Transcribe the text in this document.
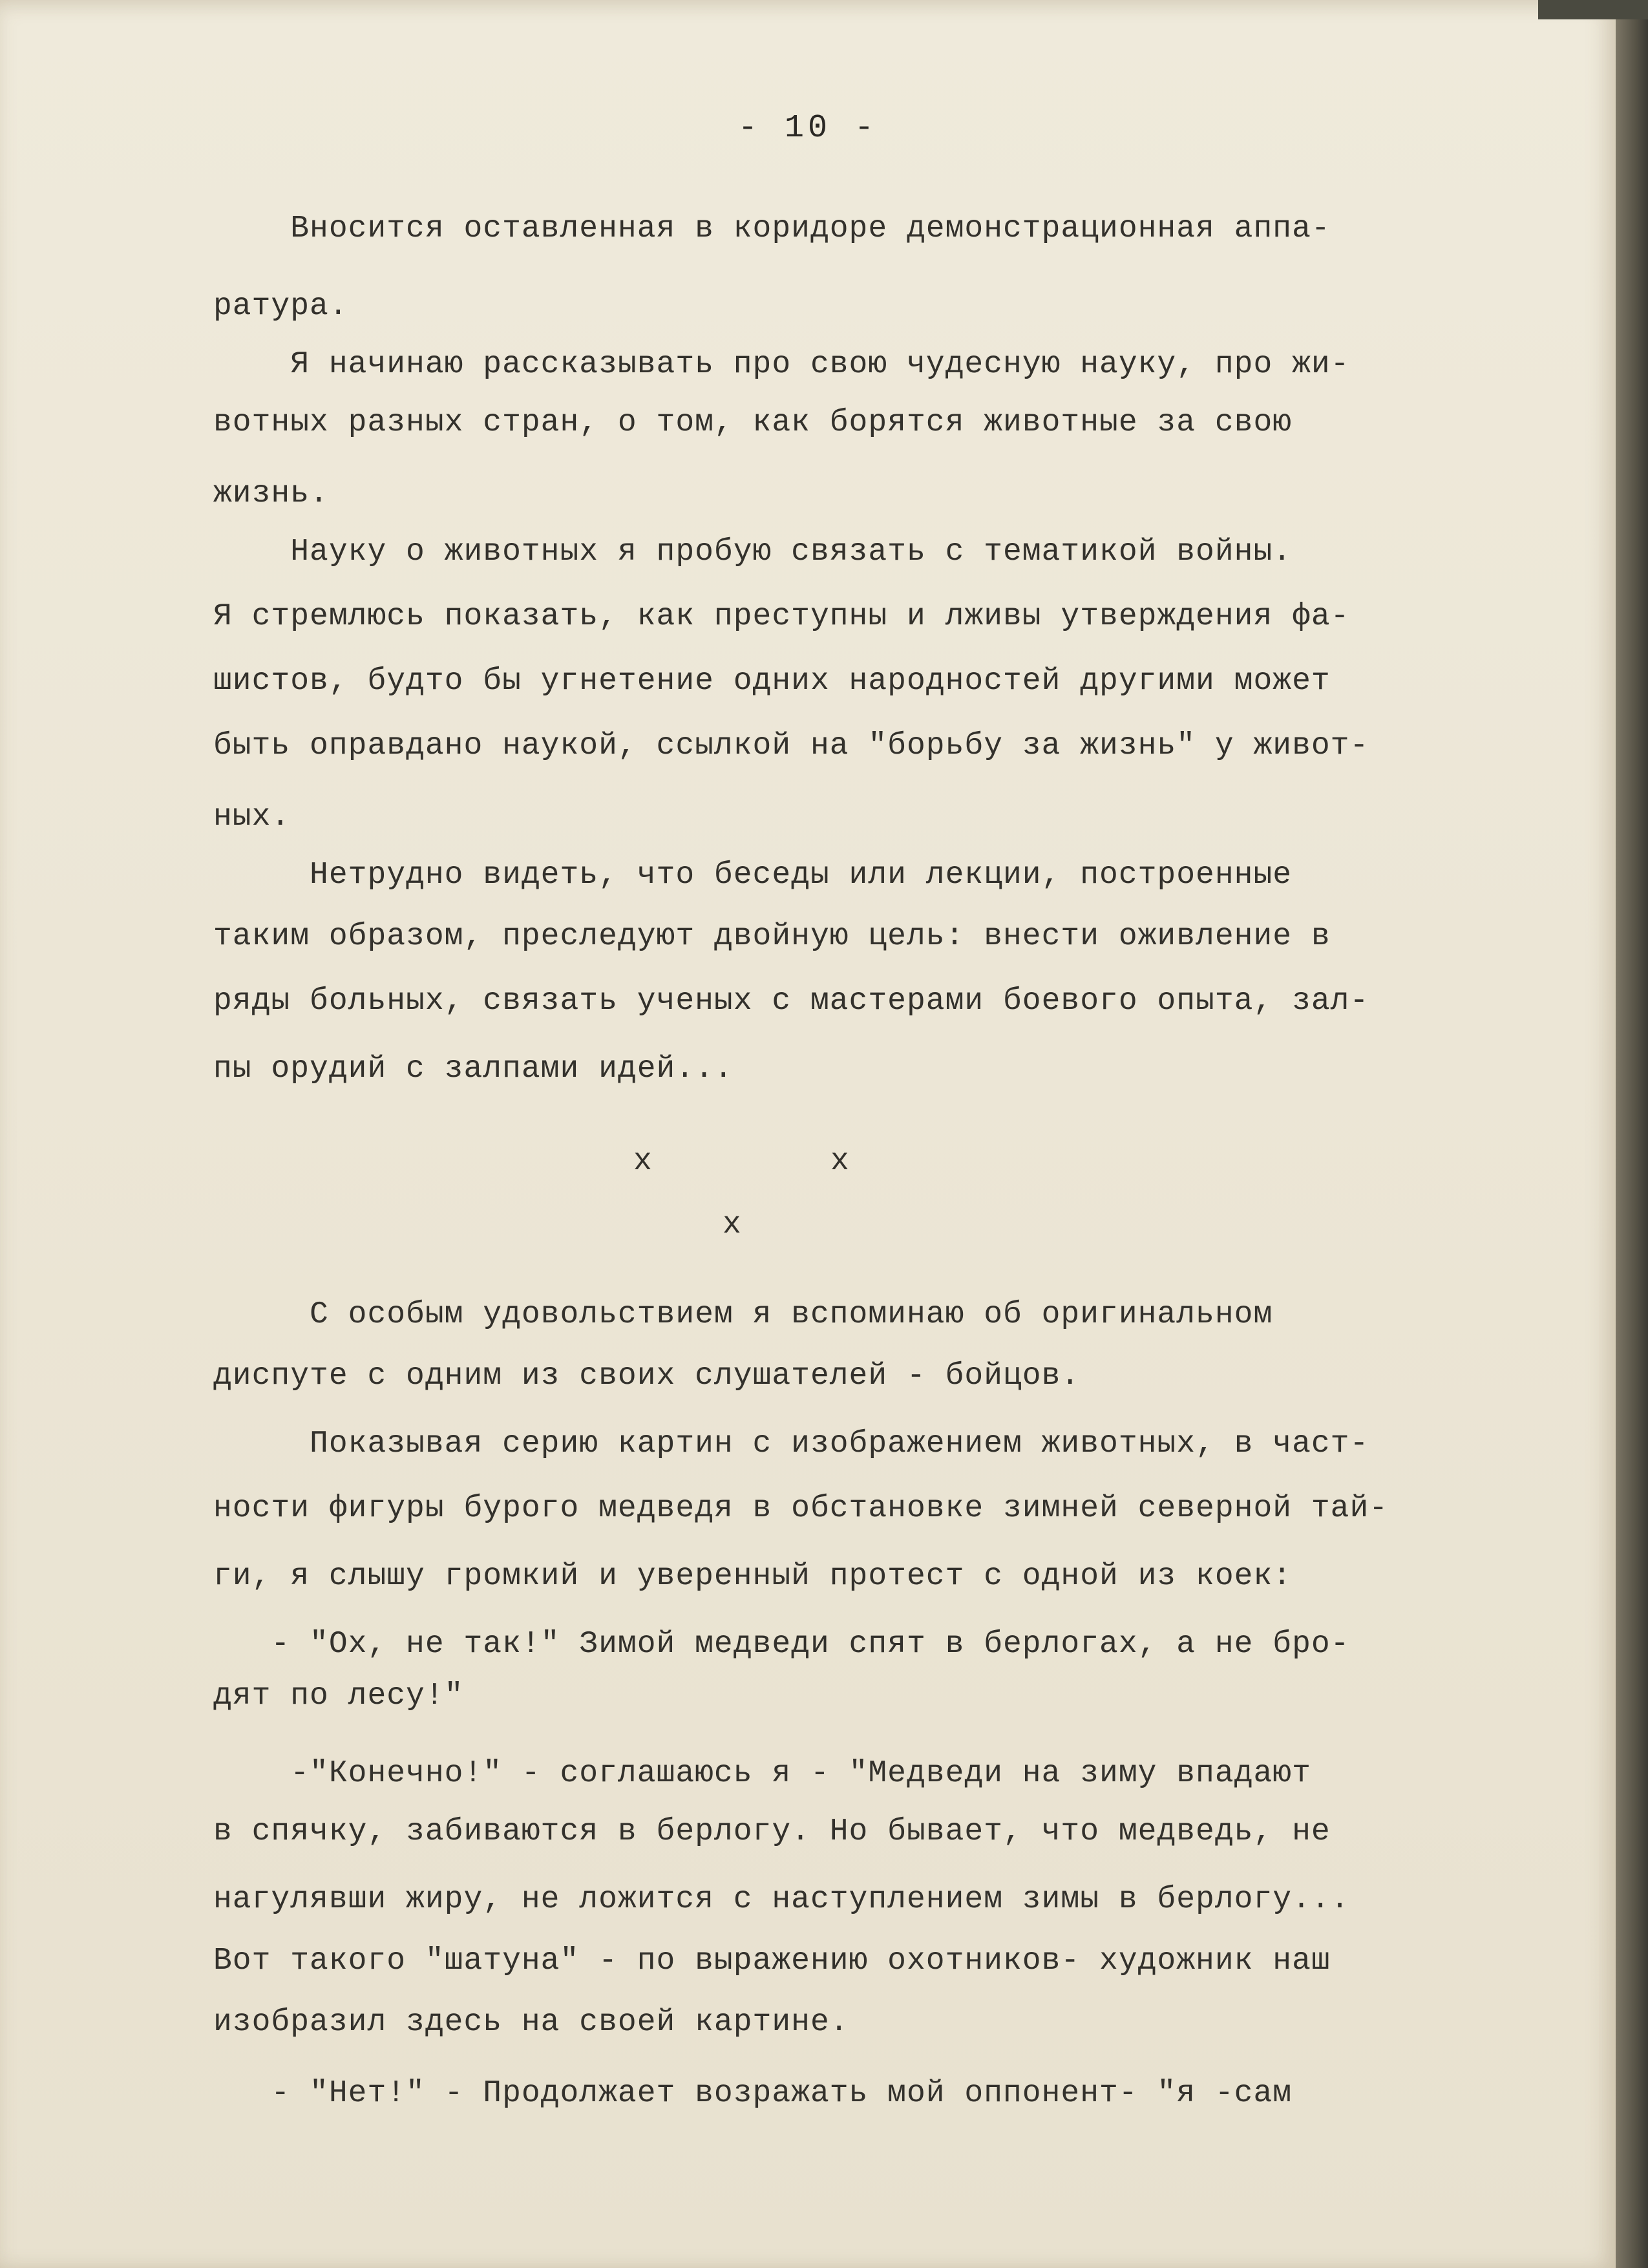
- 10 -

Вносится оставленная в коридоре демонстрационная аппа-

ратура.

Я начинаю рассказывать про свою чудесную науку, про жи-

вотных разных стран, о том, как борятся животные за свою

жизнь.

Науку о животных я пробую связать с тематикой войны.

Я стремлюсь показать, как преступны и лживы утверждения фа-

шистов, будто бы угнетение одних народностей другими может

быть оправдано наукой, ссылкой на "борьбу за жизнь" у живот-

ных.

Нетрудно видеть, что беседы или лекции, построенные

таким образом, преследуют двойную цель: внести оживление в

ряды больных, связать ученых с мастерами боевого опыта, зал-

пы орудий с залпами идей...

x	x
x

С особым удовольствием я вспоминаю об оригинальном

диспуте с одним из своих слушателей - бойцов.

Показывая серию картин с изображением животных, в част-

ности фигуры бурого медведя в обстановке зимней северной тай-

ги, я слышу громкий и уверенный протест с одной из коек:

- "Ох, не так!" Зимой медведи спят в берлогах, а не бро-

дят по лесу!"

-"Конечно!" - соглашаюсь я - "Медведи на зиму впадают

в спячку, забиваются в берлогу. Но бывает, что медведь, не

нагулявши жиру, не ложится с наступлением зимы в берлогу...

Вот такого "шатуна" - по выражению охотников- художник наш

изобразил здесь на своей картине.

- "Нет!" - Продолжает возражать мой оппонент- "я -сам
